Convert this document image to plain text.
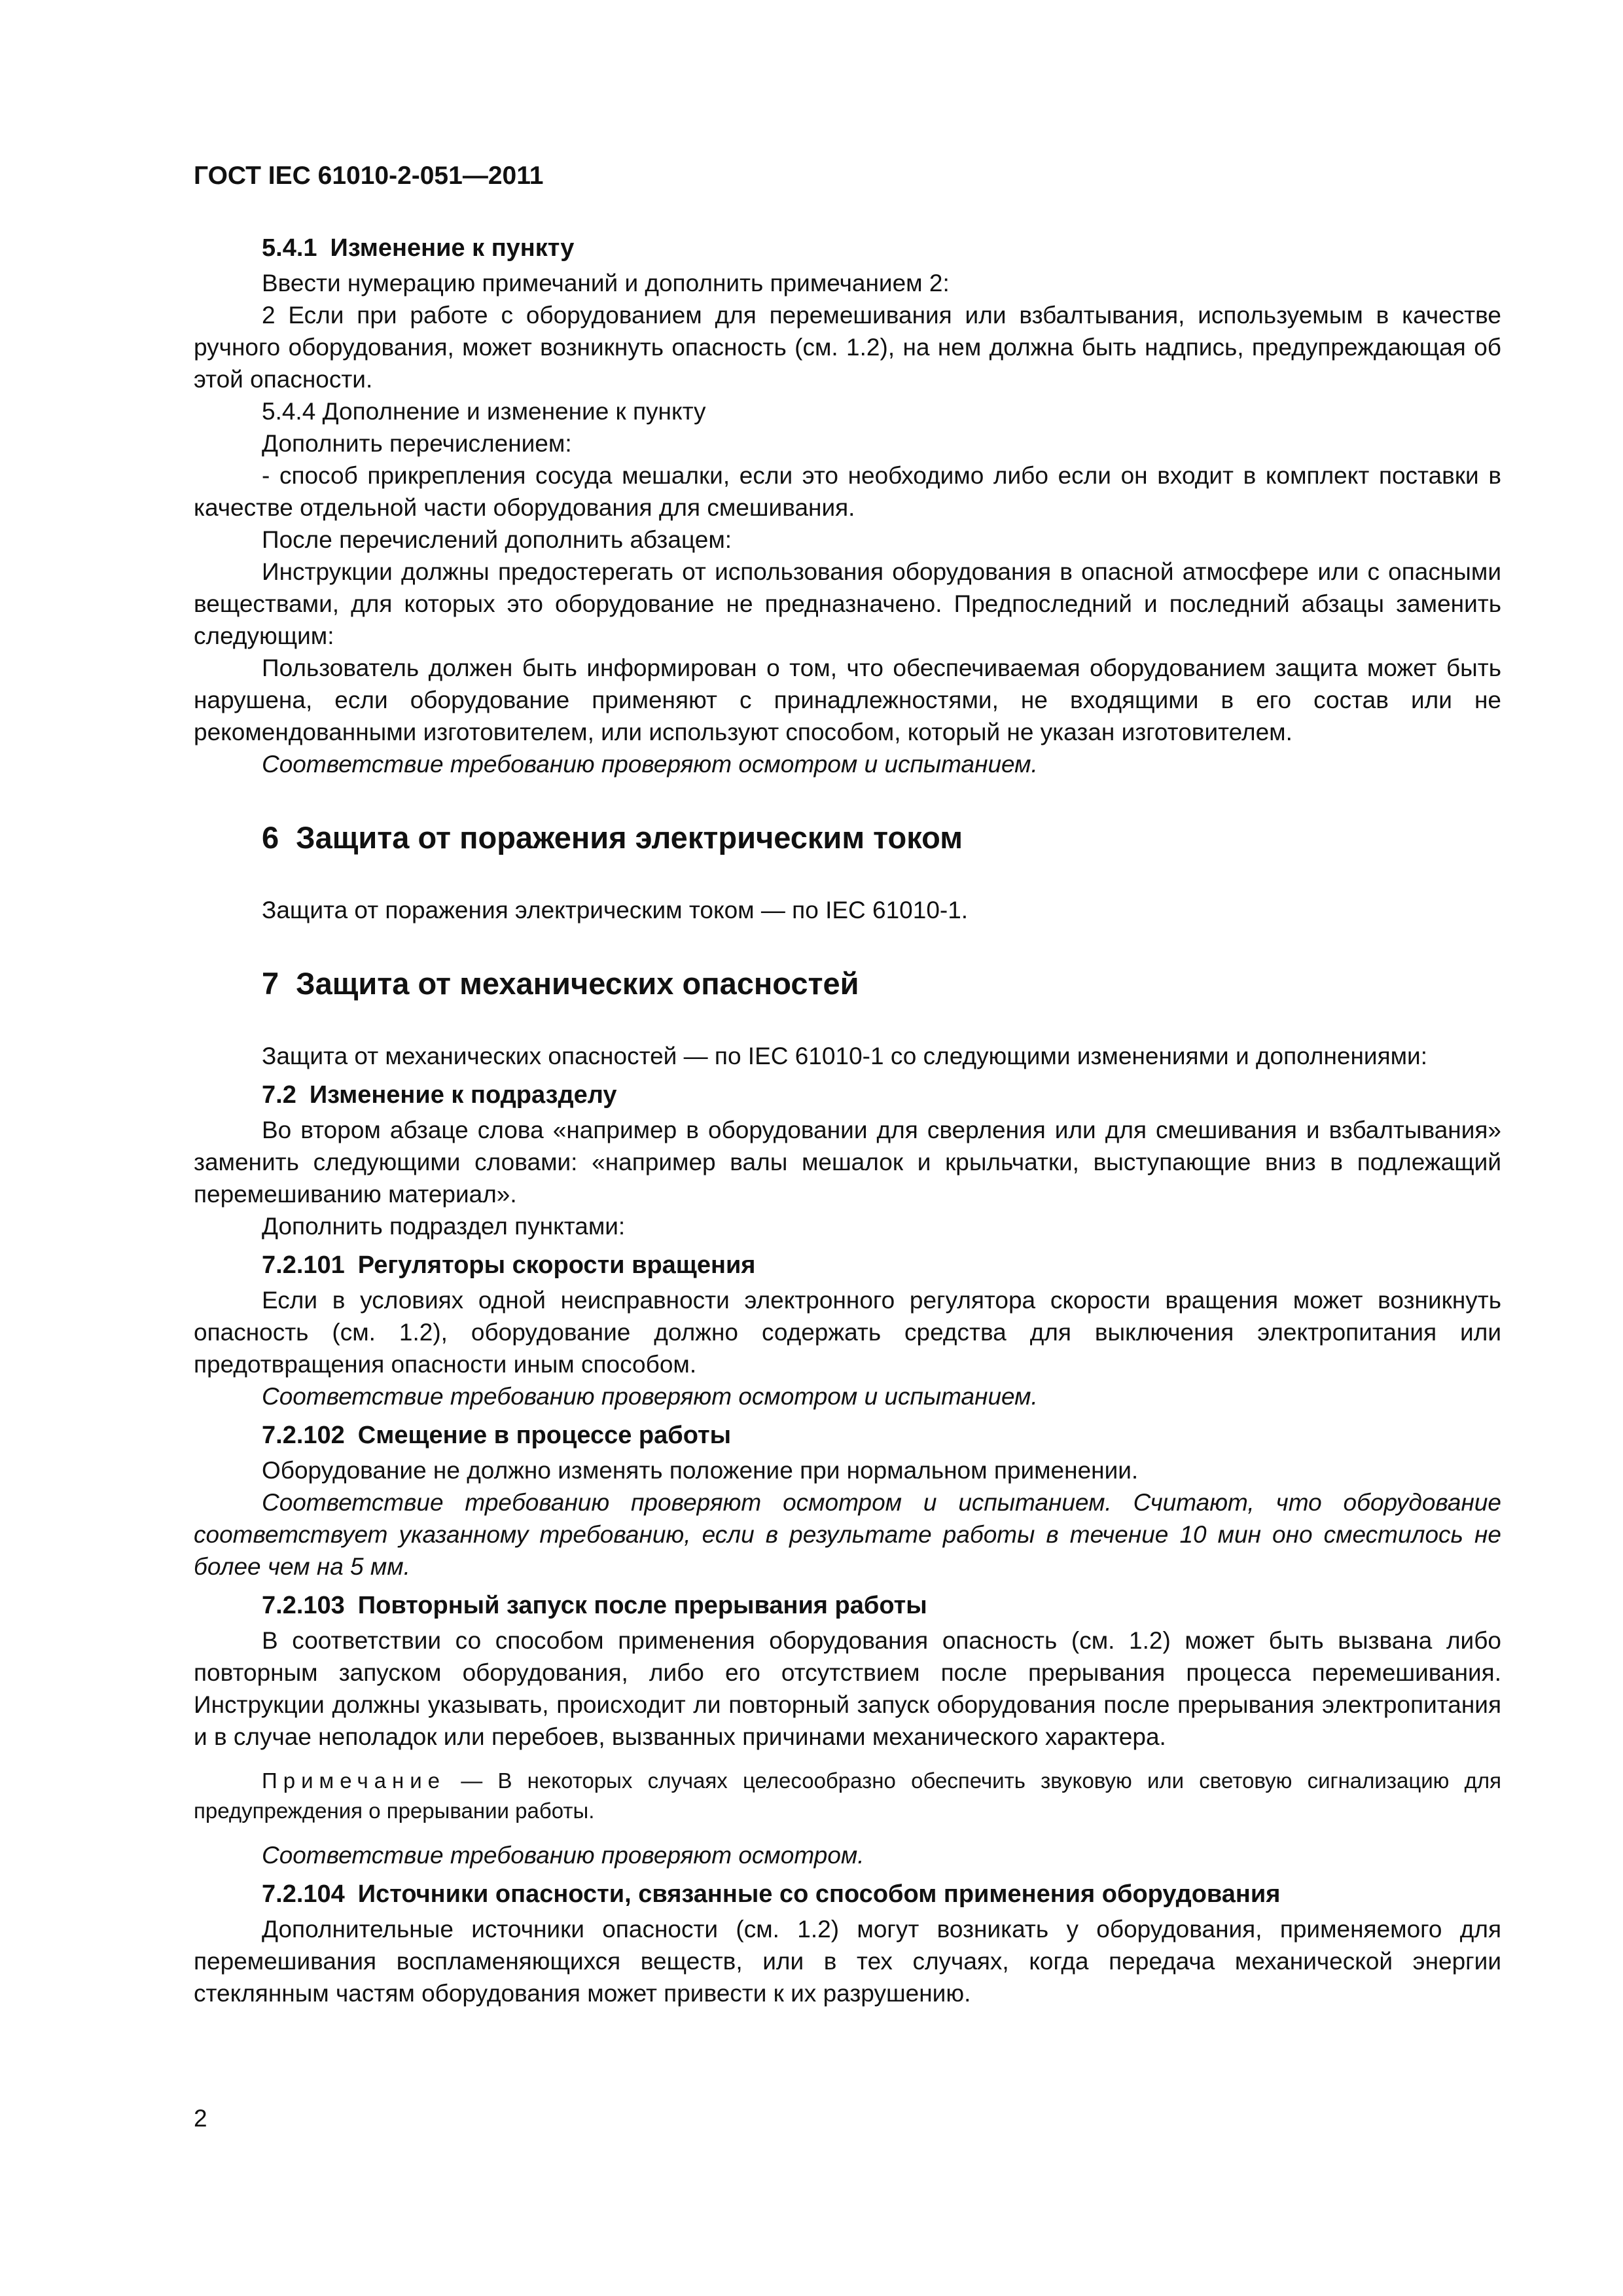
ГОСТ IEC 61010-2-051—2011
5.4.1 Изменение к пункту

Ввести нумерацию примечаний и дополнить примечанием 2:

2 Если при работе с оборудованием для перемешивания или взбалтывания, используемым в качестве ручного оборудования, может возникнуть опасность (см. 1.2), на нем должна быть надпись, предупреждающая об этой опасности.

5.4.4 Дополнение и изменение к пункту

Дополнить перечислением:

- способ прикрепления сосуда мешалки, если это необходимо либо если он входит в комплект поставки в качестве отдельной части оборудования для смешивания.

После перечислений дополнить абзацем:

Инструкции должны предостерегать от использования оборудования в опасной атмосфере или с опасными веществами, для которых это оборудование не предназначено. Предпоследний и последний абзацы заменить следующим:

Пользователь должен быть информирован о том, что обеспечиваемая оборудованием защита может быть нарушена, если оборудование применяют с принадлежностями, не входящими в его состав или не рекомендованными изготовителем, или используют способом, который не указан изготовителем.

Соответствие требованию проверяют осмотром и испытанием.

6 Защита от поражения электрическим током

Защита от поражения электрическим током — по IEC 61010-1.

7 Защита от механических опасностей

Защита от механических опасностей — по IEC 61010-1 со следующими изменениями и дополнениями:

7.2 Изменение к подразделу

Во втором абзаце слова «например в оборудовании для сверления или для смешивания и взбалтывания» заменить следующими словами: «например валы мешалок и крыльчатки, выступающие вниз в подлежащий перемешиванию материал».

Дополнить подраздел пунктами:

7.2.101 Регуляторы скорости вращения

Если в условиях одной неисправности электронного регулятора скорости вращения может возникнуть опасность (см. 1.2), оборудование должно содержать средства для выключения электропитания или предотвращения опасности иным способом.

Соответствие требованию проверяют осмотром и испытанием.

7.2.102 Смещение в процессе работы

Оборудование не должно изменять положение при нормальном применении.

Соответствие требованию проверяют осмотром и испытанием. Считают, что оборудование соответствует указанному требованию, если в результате работы в течение 10 мин оно сместилось не более чем на 5 мм.

7.2.103 Повторный запуск после прерывания работы

В соответствии со способом применения оборудования опасность (см. 1.2) может быть вызвана либо повторным запуском оборудования, либо его отсутствием после прерывания процесса перемешивания. Инструкции должны указывать, происходит ли повторный запуск оборудования после прерывания электропитания и в случае неполадок или перебоев, вызванных причинами механического характера.

Примечание — В некоторых случаях целесообразно обеспечить звуковую или световую сигнализацию для предупреждения о прерывании работы.

Соответствие требованию проверяют осмотром.

7.2.104 Источники опасности, связанные со способом применения оборудования

Дополнительные источники опасности (см. 1.2) могут возникать у оборудования, применяемого для перемешивания воспламеняющихся веществ, или в тех случаях, когда передача механической энергии стеклянным частям оборудования может привести к их разрушению.

2
